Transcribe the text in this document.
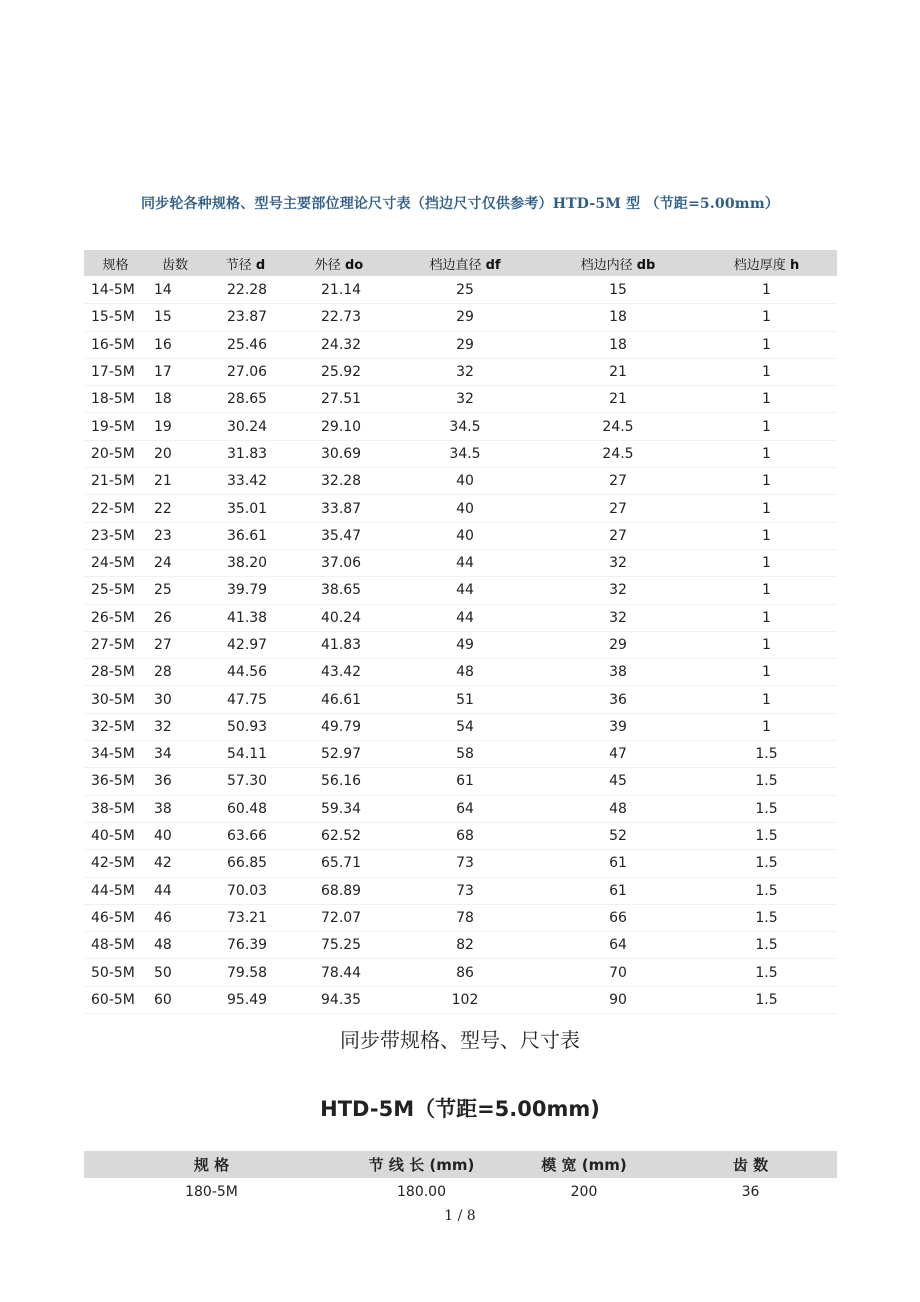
同步轮各种规格、型号主要部位理论尺寸表（挡边尺寸仅供参考）HTD-5M 型 （节距=5.00mm）
规格	齿数	节径 d	外径 do	档边直径 df	档边内径 db	档边厚度 h
14-5M	14	22.28	21.14	25	15	1
15-5M	15	23.87	22.73	29	18	1
16-5M	16	25.46	24.32	29	18	1
17-5M	17	27.06	25.92	32	21	1
18-5M	18	28.65	27.51	32	21	1
19-5M	19	30.24	29.10	34.5	24.5	1
20-5M	20	31.83	30.69	34.5	24.5	1
21-5M	21	33.42	32.28	40	27	1
22-5M	22	35.01	33.87	40	27	1
23-5M	23	36.61	35.47	40	27	1
24-5M	24	38.20	37.06	44	32	1
25-5M	25	39.79	38.65	44	32	1
26-5M	26	41.38	40.24	44	32	1
27-5M	27	42.97	41.83	49	29	1
28-5M	28	44.56	43.42	48	38	1
30-5M	30	47.75	46.61	51	36	1
32-5M	32	50.93	49.79	54	39	1
34-5M	34	54.11	52.97	58	47	1.5
36-5M	36	57.30	56.16	61	45	1.5
38-5M	38	60.48	59.34	64	48	1.5
40-5M	40	63.66	62.52	68	52	1.5
42-5M	42	66.85	65.71	73	61	1.5
44-5M	44	70.03	68.89	73	61	1.5
46-5M	46	73.21	72.07	78	66	1.5
48-5M	48	76.39	75.25	82	64	1.5
50-5M	50	79.58	78.44	86	70	1.5
60-5M	60	95.49	94.35	102	90	1.5
同步带规格、型号、尺寸表
HTD-5M（节距=5.00mm)
规 格	节 线 长 (mm)	模 宽 (mm)	齿 数
180-5M	180.00	200	36
1 / 8
